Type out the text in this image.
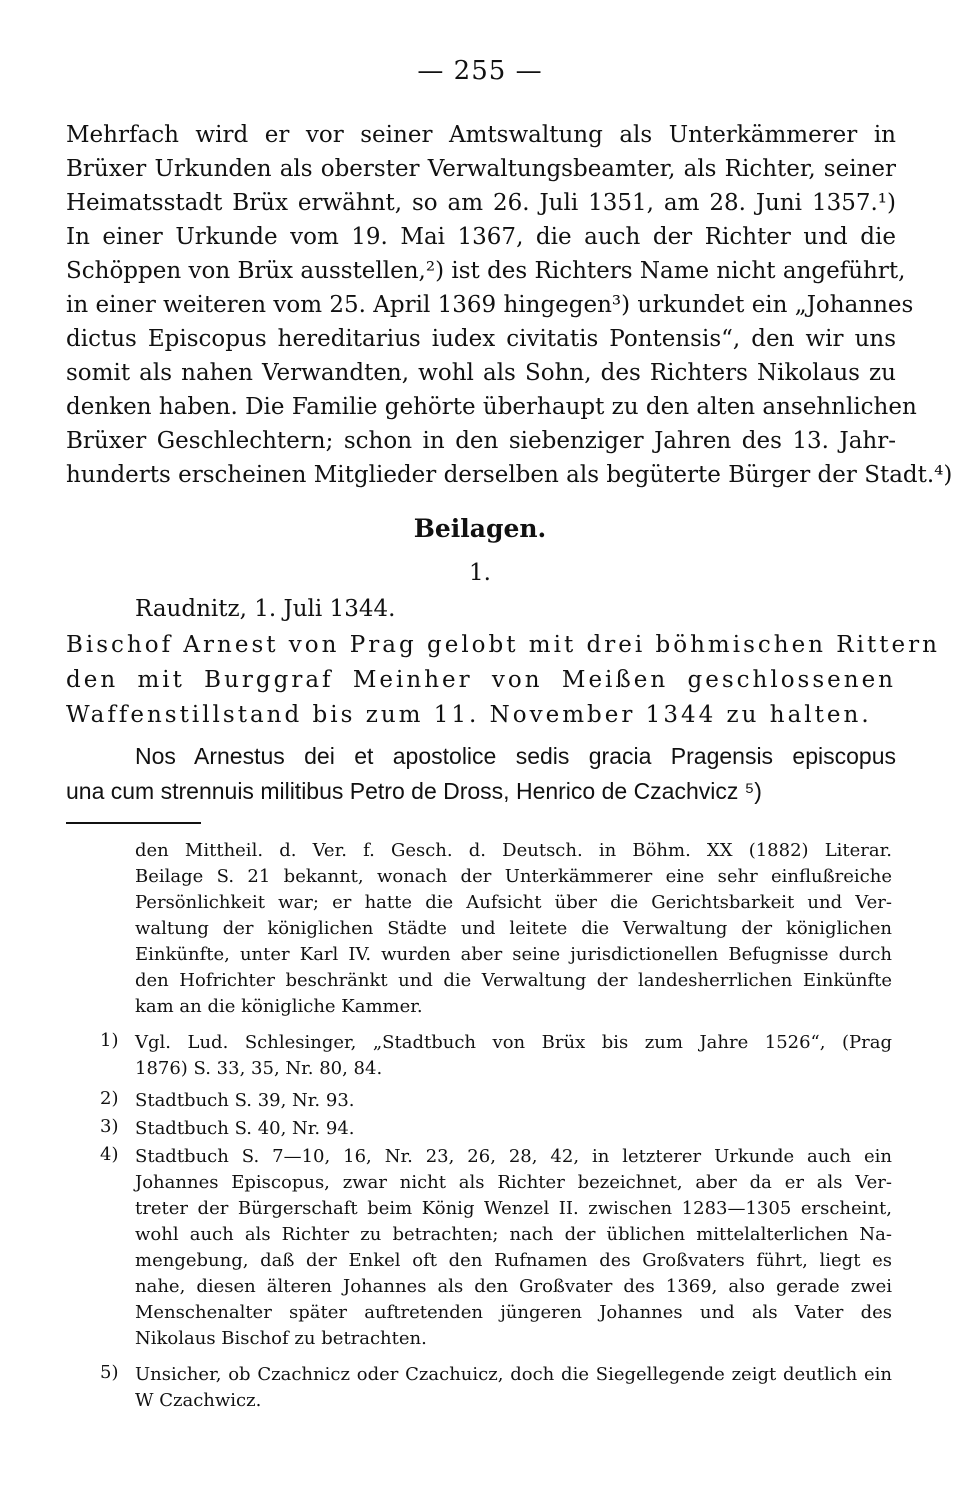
— 255 —
Mehrfach wird er vor seiner Amtswaltung als Unterkämmerer in
Brüxer Urkunden als oberster Verwaltungsbeamter, als Richter, seiner
Heimatsstadt Brüx erwähnt, so am 26. Juli 1351, am 28. Juni 1357.¹)
In einer Urkunde vom 19. Mai 1367, die auch der Richter und die
Schöppen von Brüx ausstellen,²) ist des Richters Name nicht angeführt,
in einer weiteren vom 25. April 1369 hingegen³) urkundet ein „Johannes
dictus Episcopus hereditarius iudex civitatis Pontensis“, den wir uns
somit als nahen Verwandten, wohl als Sohn, des Richters Nikolaus zu
denken haben. Die Familie gehörte überhaupt zu den alten ansehnlichen
Brüxer Geschlechtern; schon in den siebenziger Jahren des 13. Jahr-
hunderts erscheinen Mitglieder derselben als begüterte Bürger der Stadt.⁴)
Beilagen.
1.
Raudnitz, 1. Juli 1344.
Bischof Arnest von Prag gelobt mit drei böhmischen Rittern
den mit Burggraf Meinher von Meißen geschlossenen
Waffenstillstand bis zum 11. November 1344 zu halten.
Nos Arnestus dei et apostolice sedis gracia Pragensis episcopus
una cum strennuis militibus Petro de Dross, Henrico de Czachvicz ⁵)
den Mittheil. d. Ver. f. Gesch. d. Deutsch. in Böhm. XX (1882) Literar.
Beilage S. 21 bekannt, wonach der Unterkämmerer eine sehr einflußreiche
Persönlichkeit war; er hatte die Aufsicht über die Gerichtsbarkeit und Ver-
waltung der königlichen Städte und leitete die Verwaltung der königlichen
Einkünfte, unter Karl IV. wurden aber seine jurisdictionellen Befugnisse durch
den Hofrichter beschränkt und die Verwaltung der landesherrlichen Einkünfte
kam an die königliche Kammer.
1) Vgl. Lud. Schlesinger, „Stadtbuch von Brüx bis zum Jahre 1526“, (Prag
1876) S. 33, 35, Nr. 80, 84.
2) Stadtbuch S. 39, Nr. 93.
3) Stadtbuch S. 40, Nr. 94.
4) Stadtbuch S. 7—10, 16, Nr. 23, 26, 28, 42, in letzterer Urkunde auch ein
Johannes Episcopus, zwar nicht als Richter bezeichnet, aber da er als Ver-
treter der Bürgerschaft beim König Wenzel II. zwischen 1283—1305 erscheint,
wohl auch als Richter zu betrachten; nach der üblichen mittelalterlichen Na-
mengebung, daß der Enkel oft den Rufnamen des Großvaters führt, liegt es
nahe, diesen älteren Johannes als den Großvater des 1369, also gerade zwei
Menschenalter später auftretenden jüngeren Johannes und als Vater des
Nikolaus Bischof zu betrachten.
5) Unsicher, ob Czachnicz oder Czachuicz, doch die Siegellegende zeigt deutlich ein
W Czachwicz.
